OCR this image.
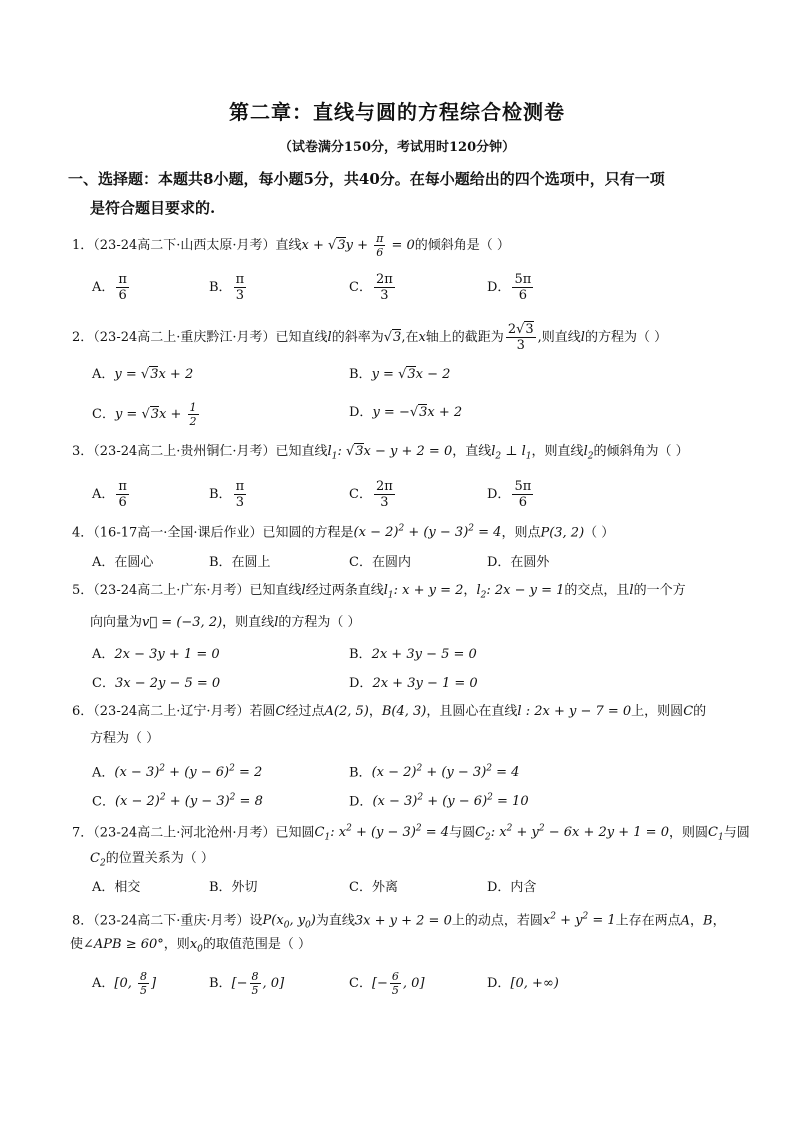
第二章：直线与圆的方程综合检测卷
（试卷满分150分，考试用时120分钟）
一、选择题：本题共8小题，每小题5分，共40分。在每小题给出的四个选项中，只有一项
是符合题目要求的.
1．（23-24高二下·山西太原·月考）直线$x + √3y + \frac{\pi}{6} = 0$的倾斜角是（ ）
A． $\frac{\pi}{6}$	B． $\frac{\pi}{3}$	C． $\frac{2\pi}{3}$	D． $\frac{5\pi}{6}$
2．（23-24高二上·重庆黔江·月考）已知直线l的斜率为√3,在x轴上的截距为 $\frac{2√3}{3}$ ,则直线l的方程为（ ）
A．y = √3x + 2	B．y = √3x − 2
C．$y = √3x + \frac{1}{2}$	D．y = −√3x + 2
3．（23-24高二上·贵州铜仁·月考）已知直线$l_1$: √3x − y + 2 = 0，直线$l_2$ ⊥ $l_1$，则直线$l_2$的倾斜角为（ ）
A． $\frac{\pi}{6}$	B． $\frac{\pi}{3}$	C． $\frac{2\pi}{3}$	D． $\frac{5\pi}{6}$
4．（16-17高一·全国·课后作业）已知圆的方程是$(x - 2)^2 + (y - 3)^2 = 4$，则点P(3, 2)（ ）
A．在圆心	B．在圆上	C．在圆内	D．在圆外
5．（23-24高二上·广东·月考）已知直线l经过两条直线$l_1$: x + y = 2，$l_2$: 2x − y = 1的交点，且l的一个方
向向量为v⃗ = (−3, 2)，则直线l的方程为（ ）
A．2x − 3y + 1 = 0	B．2x + 3y − 5 = 0
C．3x − 2y − 5 = 0	D．2x + 3y − 1 = 0
6．（23-24高二上·辽宁·月考）若圆C经过点A(2, 5)，B(4, 3)，且圆心在直线l : 2x + y − 7 = 0上，则圆C的
方程为（ ）
A．$(x - 3)^2 + (y - 6)^2 = 2$	B．$(x - 2)^2 + (y - 3)^2 = 4$
C．$(x - 2)^2 + (y - 3)^2 = 8$	D．$(x - 3)^2 + (y - 6)^2 = 10$
7．（23-24高二上·河北沧州·月考）已知圆$C_1$: $x^2 + (y - 3)^2 = 4$与圆$C_2$: $x^2 + y^2 - 6x + 2y + 1 = 0$，则圆$C_1$与圆
$C_2$的位置关系为（ ）
A．相交	B．外切	C．外离	D．内含
8．（23-24高二下·重庆·月考）设$P(x_0$, $y_0$)为直线3x + y + 2 = 0上的动点，若圆$x^2 + y^2 = 1$上存在两点A，B，
使∠APB ≥ 60°，则$x_0$的取值范围是（ ）
A．[0, $\frac{8}{5}$ ]	B．[− $\frac{8}{5}$ , 0]	C．[− $\frac{6}{5}$ , 0]	D．[0, +∞)
